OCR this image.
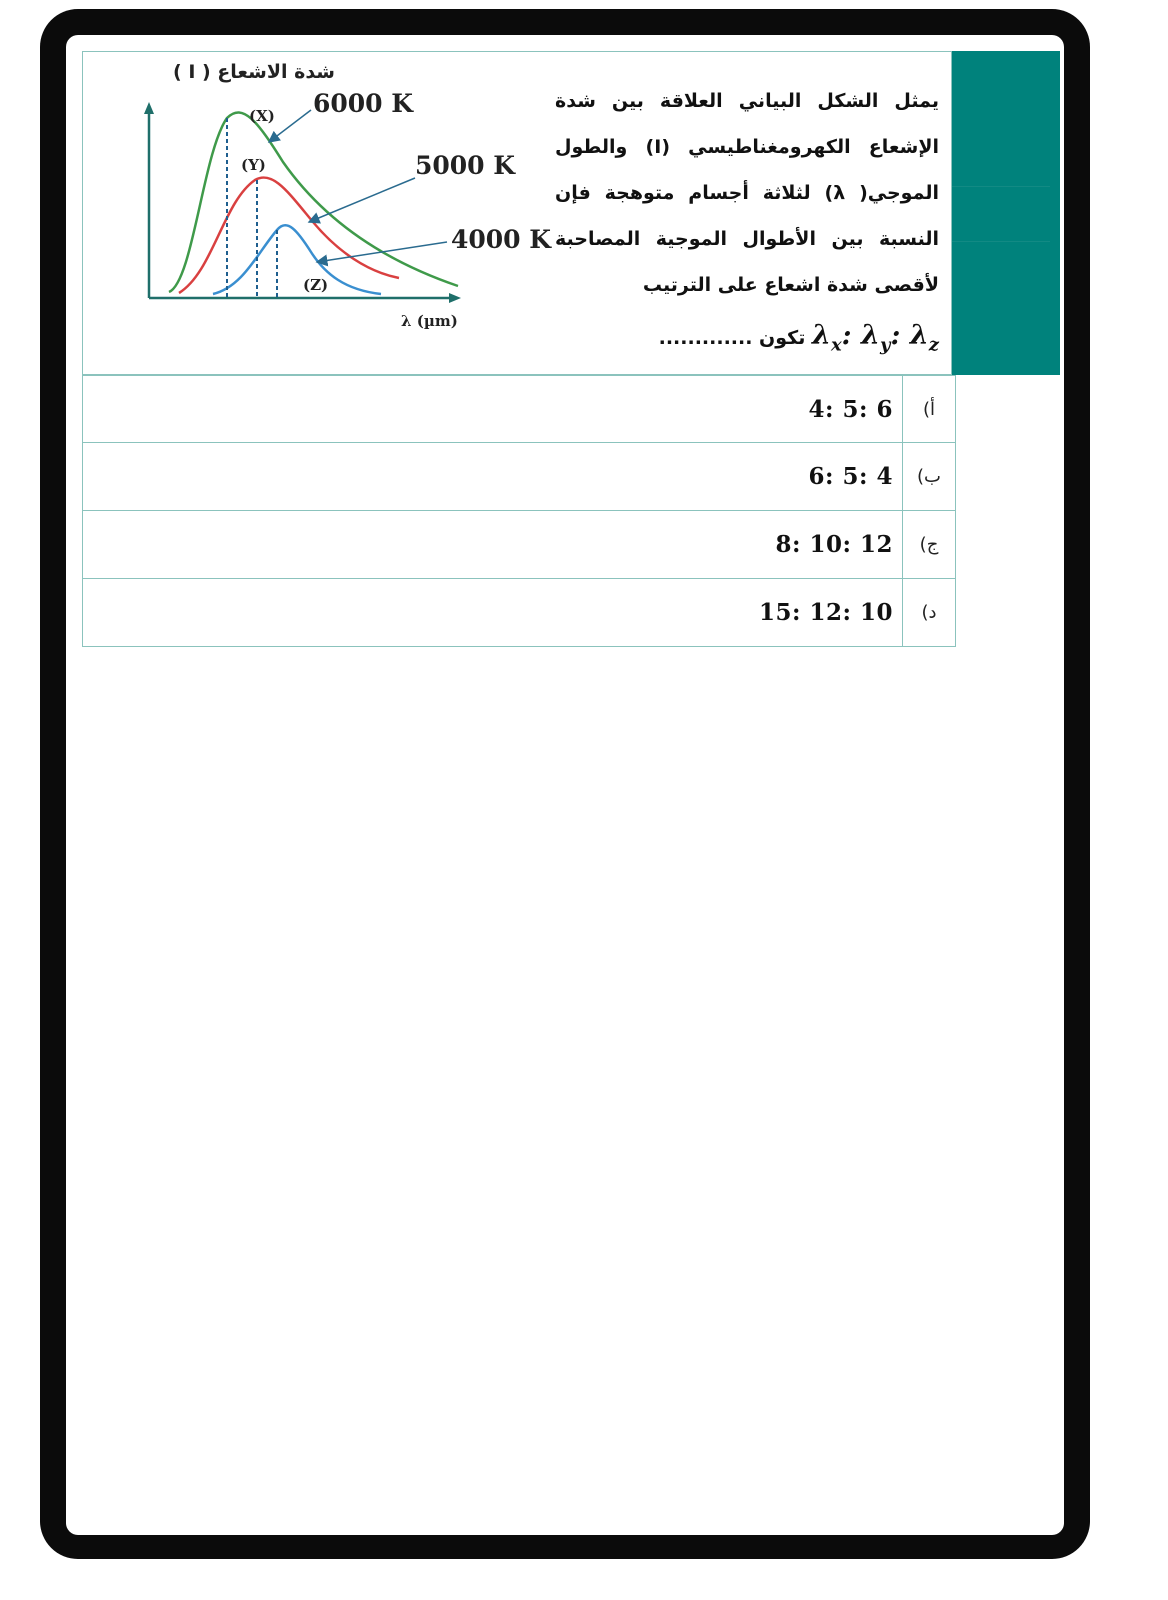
(X)
(Y)
(Z)
6000 K
5000 K
4000 K
شدة الاشعاع ( I )
λ (µm)
يمثل الشكل البياني العلاقة بين شدة الإشعاع الكهرومغناطيسي (I) والطول الموجي( λ) لثلاثة أجسام متوهجة فإن النسبة بين الأطوال الموجية المصاحبة لأقصى شدة اشعاع على الترتيب
$\lambda_x$: $\lambda_y$: $\lambda_z$ تكون .............
أ)
4: 5: 6
ب)
6: 5: 4
ج)
8: 10: 12
د)
15: 12: 10
